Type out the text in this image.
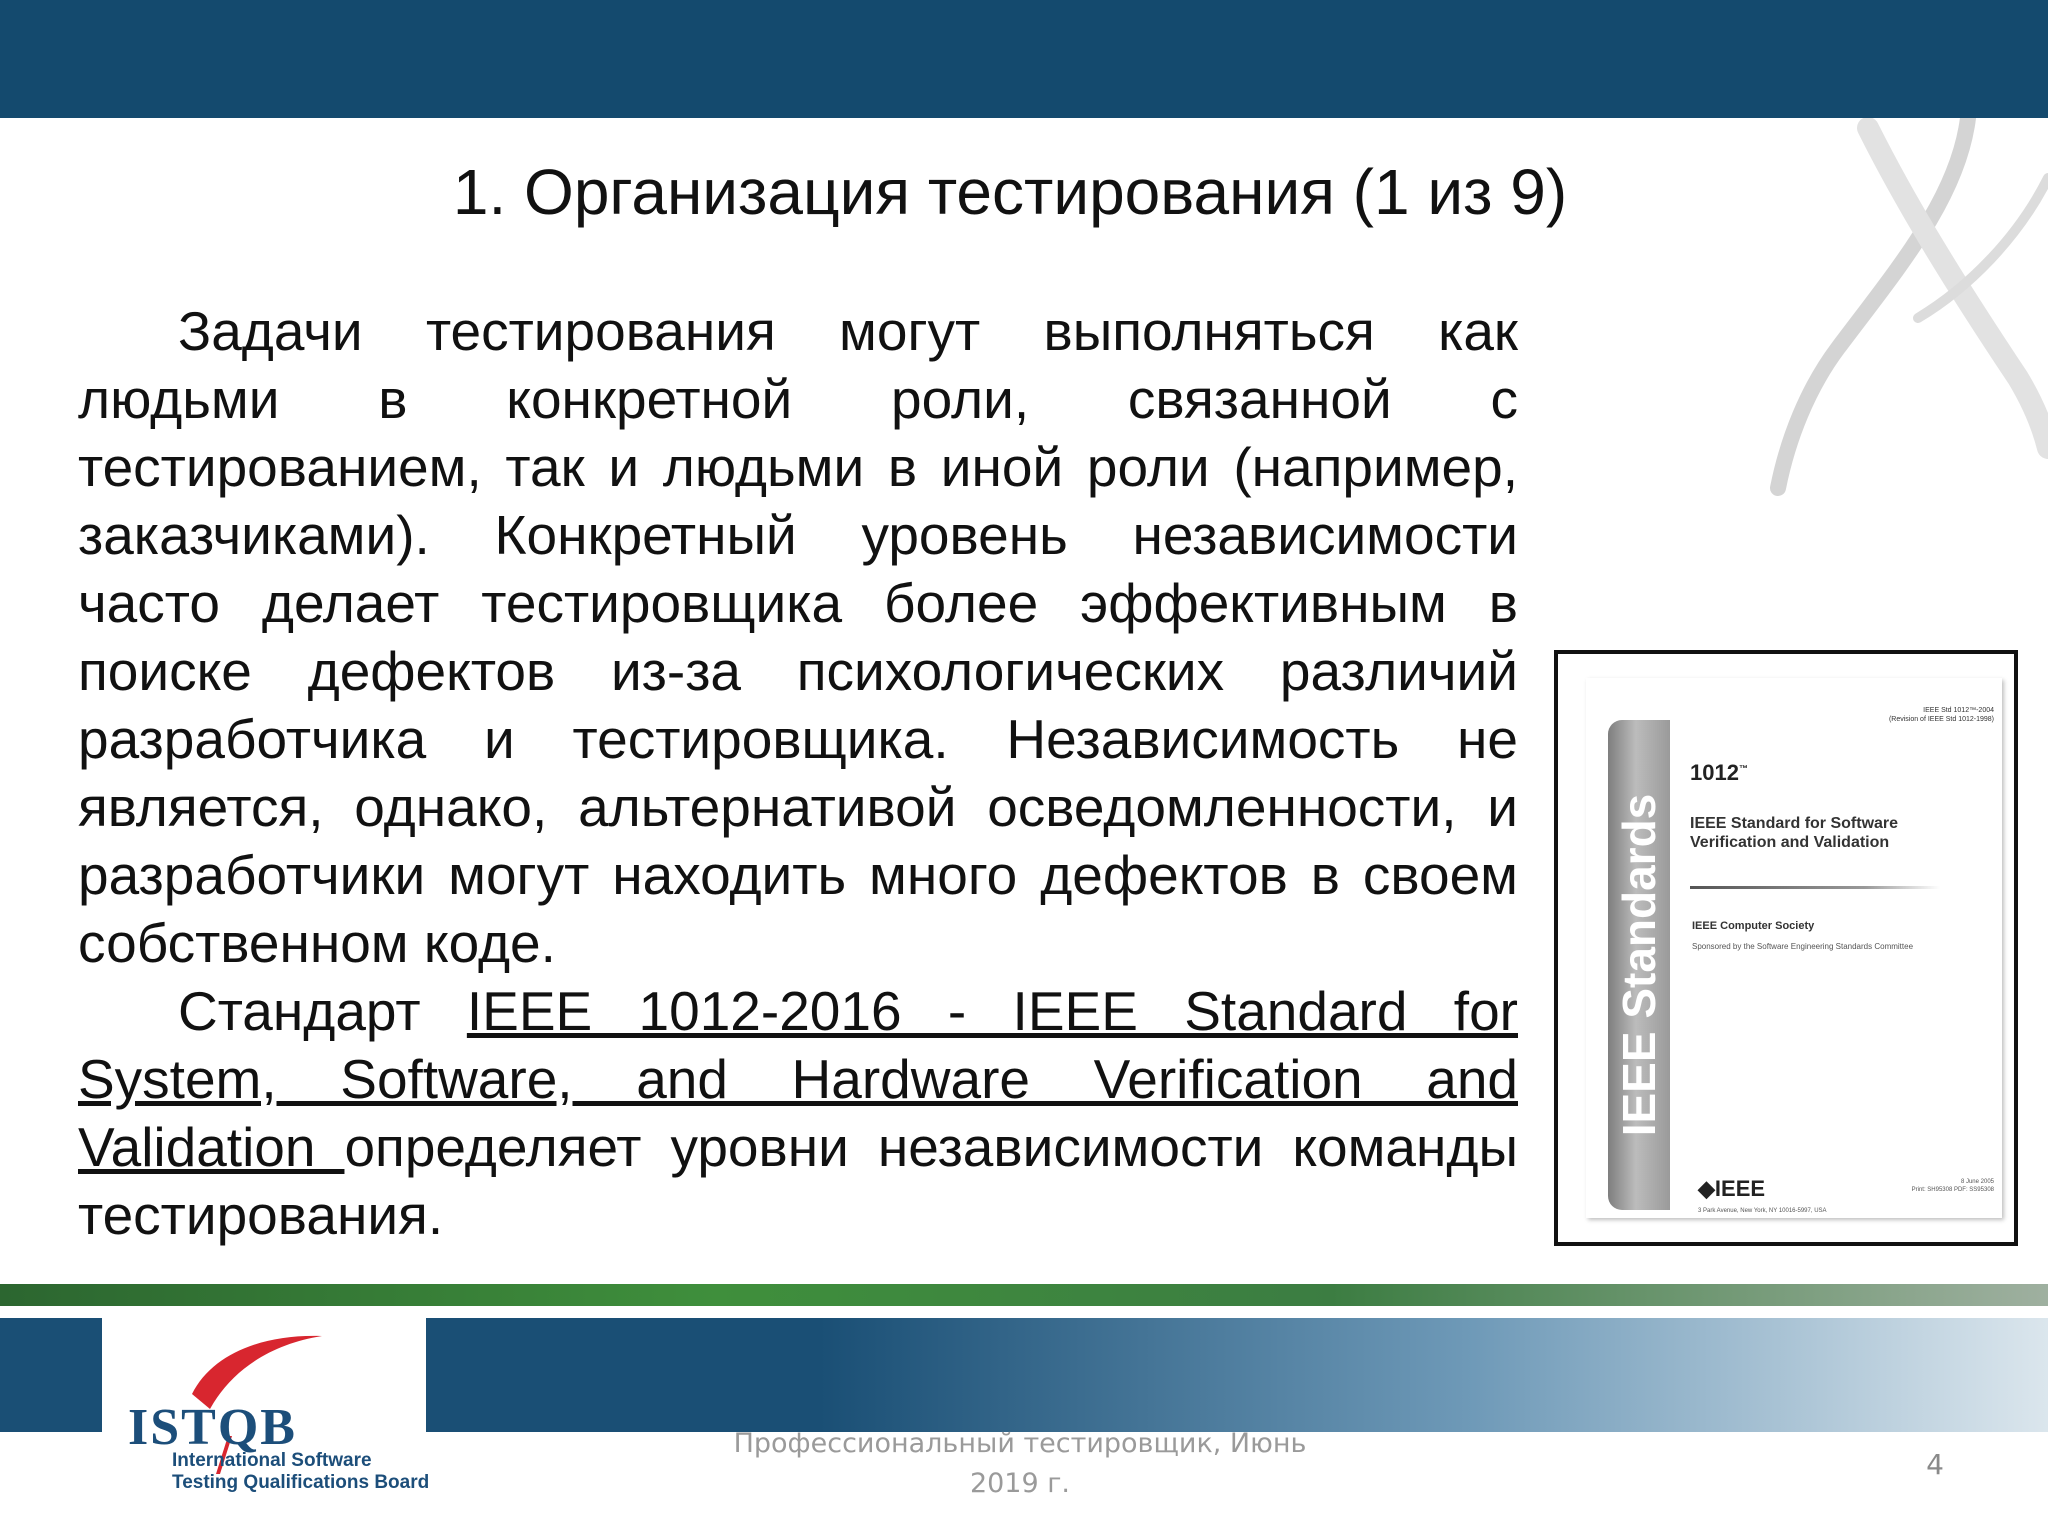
1. Организация тестирования (1 из 9)

Задачи тестирования могут выполняться как людьми в конкретной роли, связанной с тестированием, так и людьми в иной роли (например, заказчиками). Конкретный уровень независимости часто делает тестировщика более эффективным в поиске дефектов из-за психологических различий разработчика и тестировщика. Независимость не является, однако, альтернативой осведомленности, и разработчики могут находить много дефектов в своем собственном коде.

Стандарт IEEE 1012-2016 - IEEE Standard for System, Software, and Hardware Verification and Validation определяет уровни независимости команды тестирования.

IEEE Standards
IEEE Std 1012™-2004
(Revision of IEEE Std 1012-1998)
1012™
IEEE Standard for Software Verification and Validation
IEEE Computer Society
Sponsored by the Software Engineering Standards Committee
◆IEEE
3 Park Avenue, New York, NY 10016-5997, USA
8 June 2005
Print: SH95308 PDF: SS95308
ISTQB
International Software
Testing Qualifications Board
Профессиональный тестировщик, Июнь 2019 г.
4
